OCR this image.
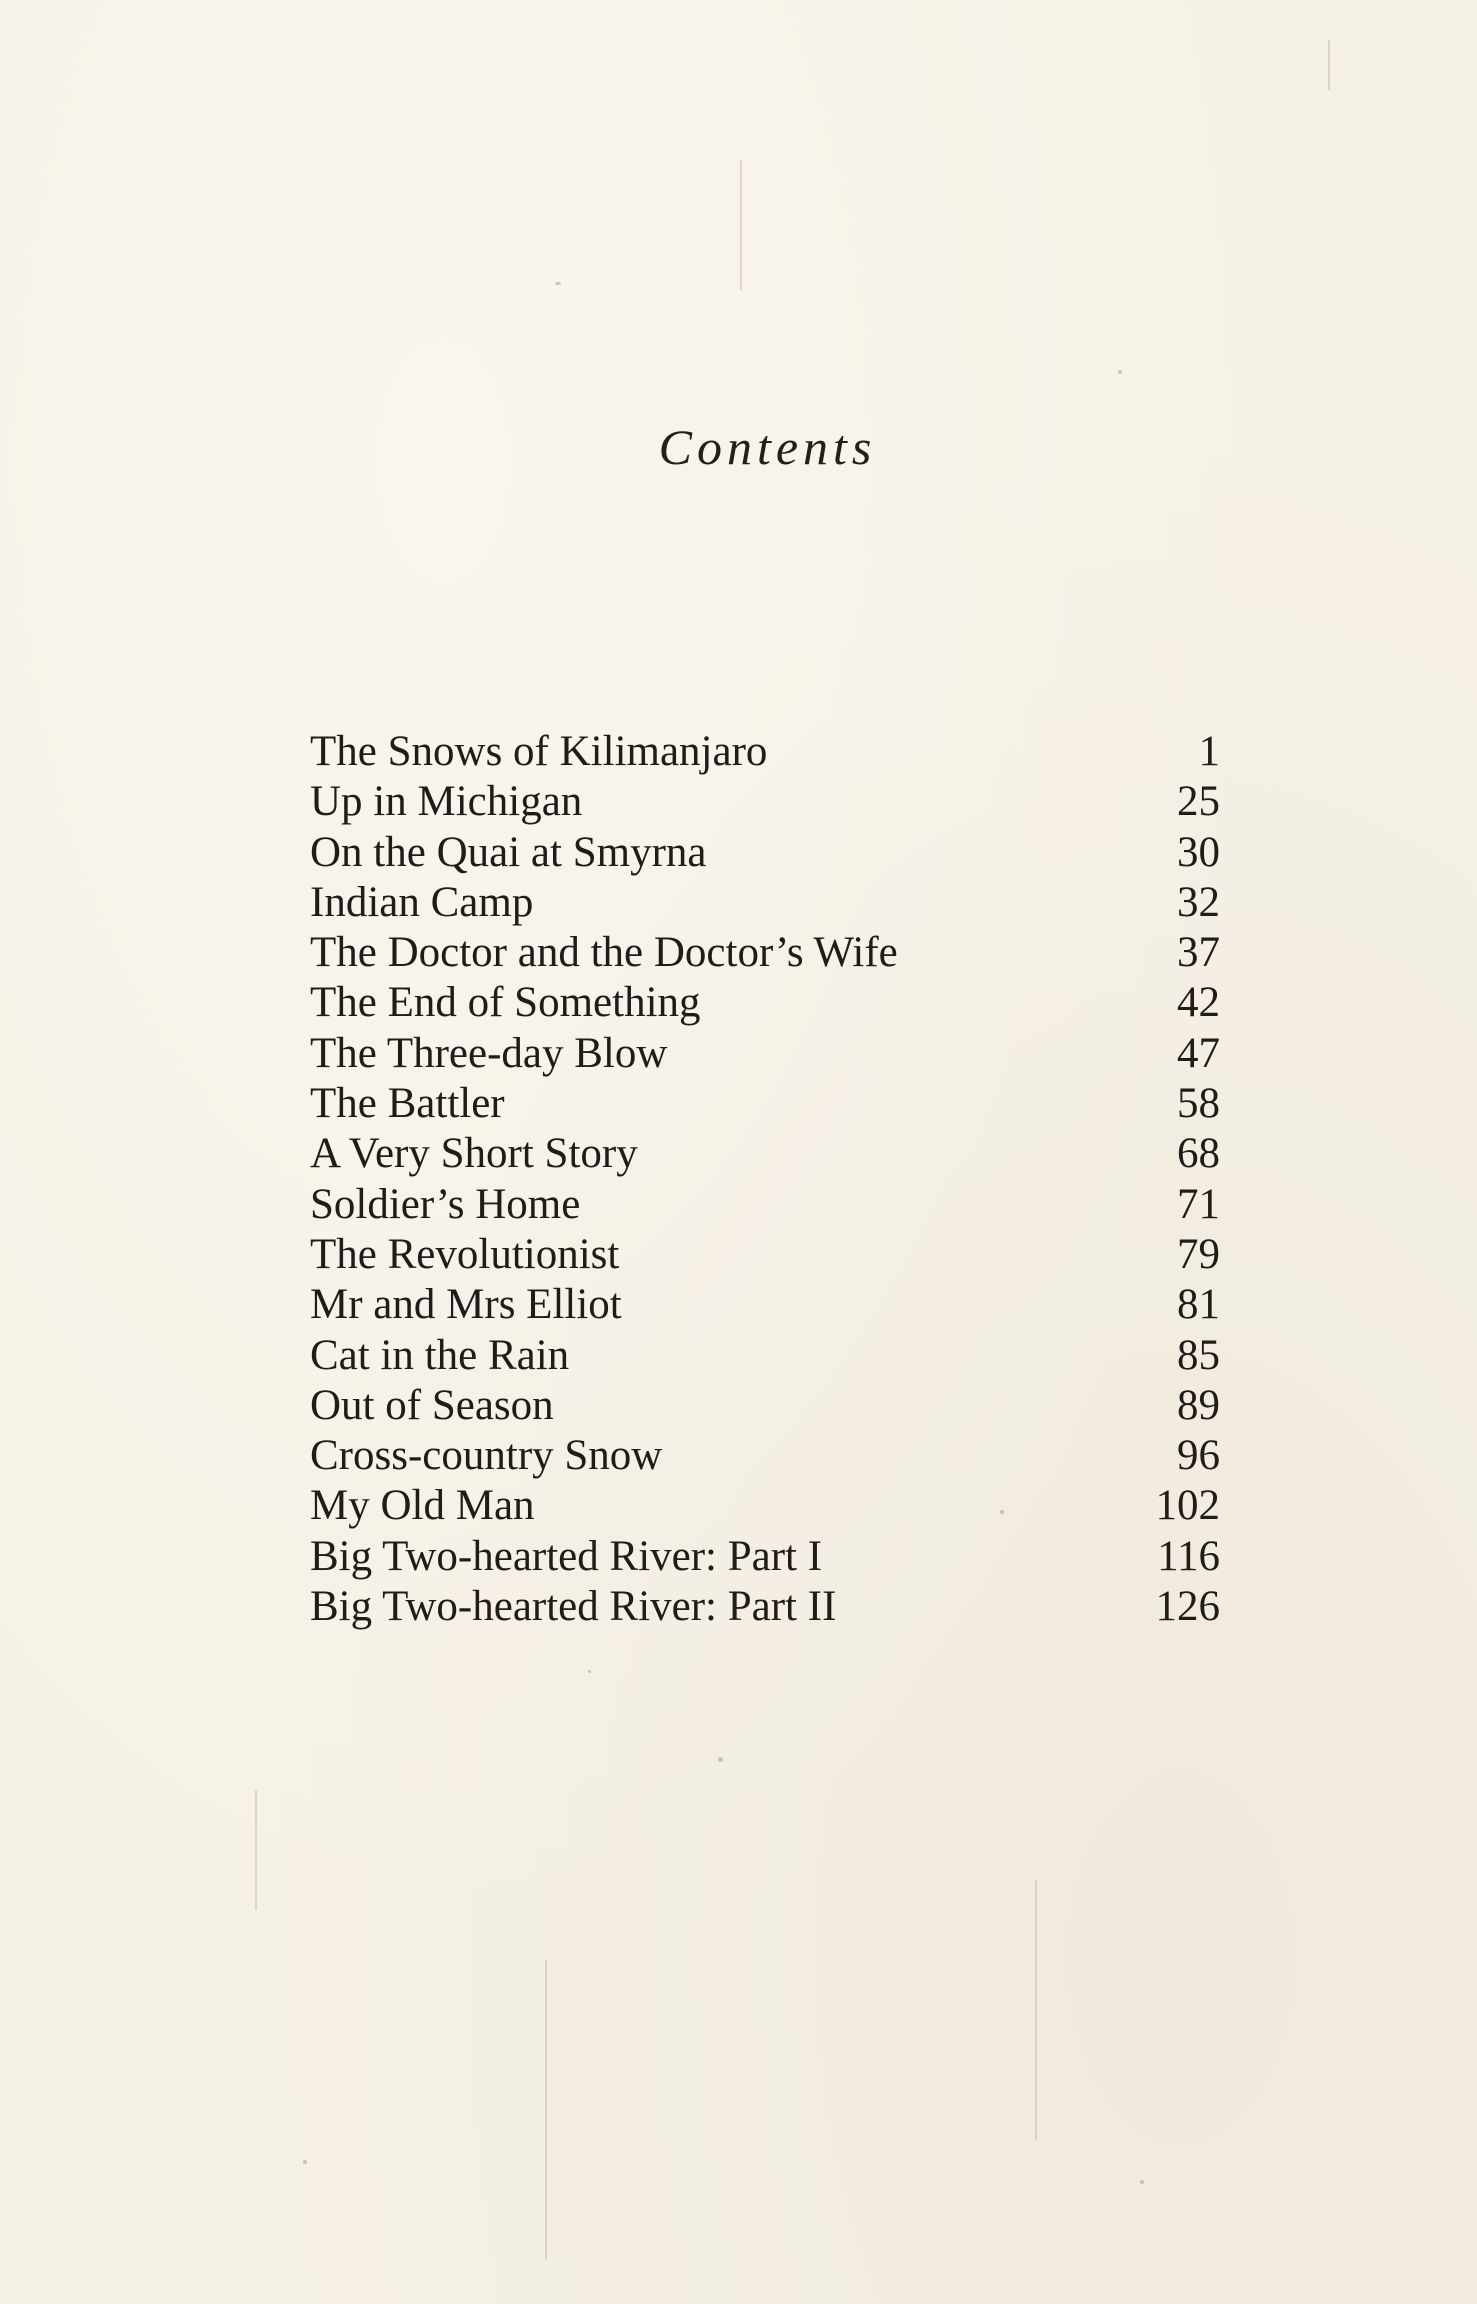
Contents
The Snows of Kilimanjaro	1
Up in Michigan	25
On the Quai at Smyrna	30
Indian Camp	32
The Doctor and the Doctor’s Wife	37
The End of Something	42
The Three-day Blow	47
The Battler	58
A Very Short Story	68
Soldier’s Home	71
The Revolutionist	79
Mr and Mrs Elliot	81
Cat in the Rain	85
Out of Season	89
Cross-country Snow	96
My Old Man	102
Big Two-hearted River: Part I	116
Big Two-hearted River: Part II	126
